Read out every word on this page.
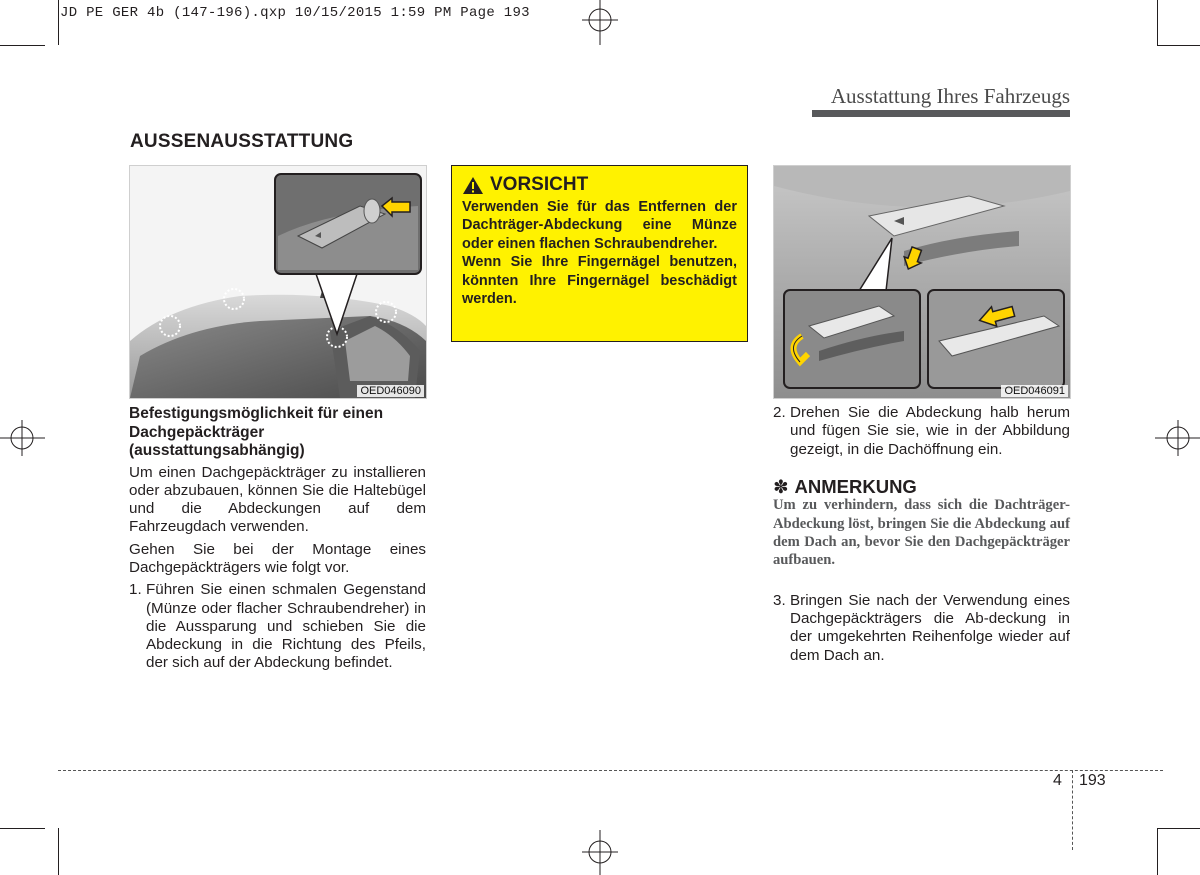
JD PE GER 4b (147-196).qxp 10/15/2015 1:59 PM Page 193
Ausstattung Ihres Fahrzeugs
AUSSENAUSSTATTUNG
OED046090
VORSICHT

Verwenden Sie für das Entfernen der Dachträger-Abdeckung eine Münze oder einen flachen Schraubendreher.

Wenn Sie Ihre Fingernägel benutzen, könnten Ihre Fingernägel beschädigt werden.

OED046091
Befestigungsmöglichkeit für einen Dachgepäckträger (ausstattungsabhängig)

Um einen Dachgepäckträger zu installieren oder abzubauen, können Sie die Haltebügel und die Abdeckungen auf dem Fahrzeugdach verwenden.

Gehen Sie bei der Montage eines Dachgepäckträgers wie folgt vor.

1. Führen Sie einen schmalen Gegenstand (Münze oder flacher Schraubendreher) in die Aussparung und schieben Sie die Abdeckung in die Richtung des Pfeils, der sich auf der Abdeckung befindet.
2. Drehen Sie die Abdeckung halb herum und fügen Sie sie, wie in der Abbildung gezeigt, in die Dachöffnung ein.
✽ ANMERKUNG

Um zu verhindern, dass sich die Dachträger-Abdeckung löst, bringen Sie die Abdeckung auf dem Dach an, bevor Sie den Dachgepäckträger aufbauen.

3. Bringen Sie nach der Verwendung eines Dachgepäckträgers die Ab-deckung in der umgekehrten Reihenfolge wieder auf dem Dach an.
4 193
